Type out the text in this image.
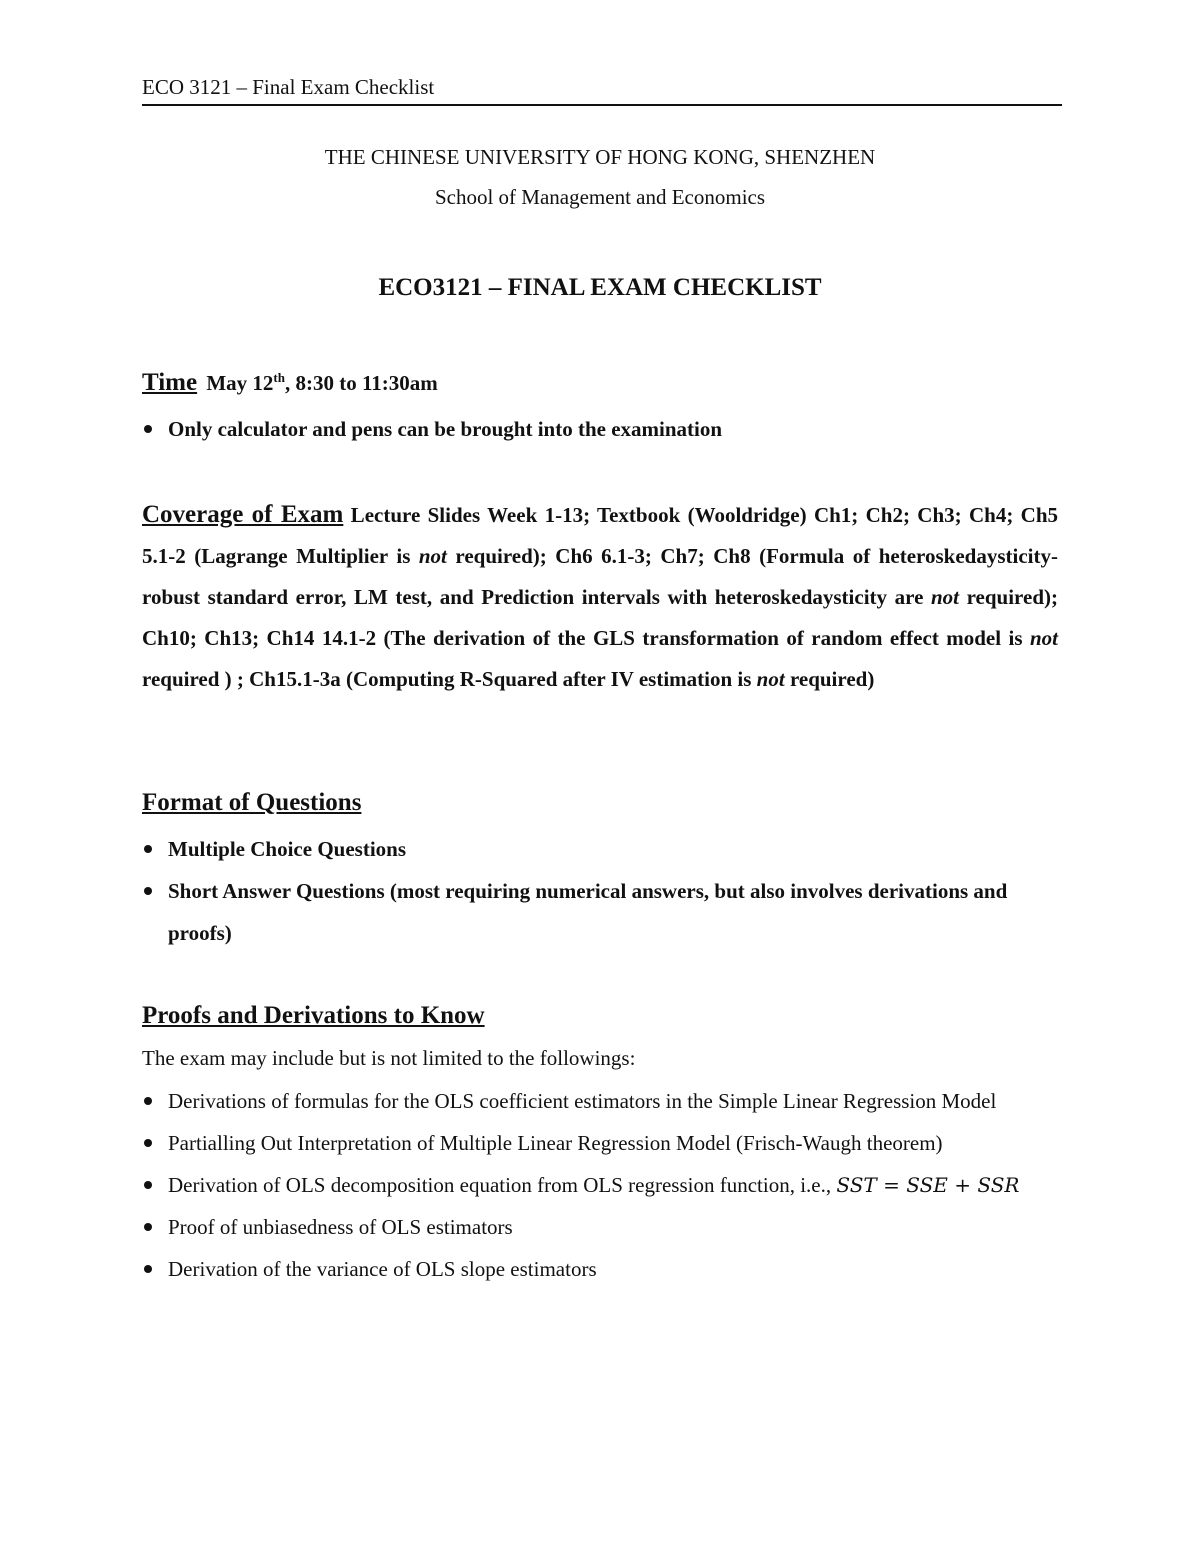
ECO 3121 – Final Exam Checklist
THE CHINESE UNIVERSITY OF HONG KONG, SHENZHEN
School of Management and Economics
ECO3121 – FINAL EXAM CHECKLIST
Time May 12th, 8:30 to 11:30am
Only calculator and pens can be brought into the examination
Coverage of Exam Lecture Slides Week 1-13; Textbook (Wooldridge) Ch1; Ch2; Ch3; Ch4; Ch5 5.1-2 (Lagrange Multiplier is not required); Ch6 6.1-3; Ch7; Ch8 (Formula of heteroskedaysticity-robust standard error, LM test, and Prediction intervals with heteroskedaysticity are not required); Ch10; Ch13; Ch14 14.1-2 (The derivation of the GLS transformation of random effect model is not required ) ; Ch15.1-3a (Computing R-Squared after IV estimation is not required)
Format of Questions
Multiple Choice Questions
Short Answer Questions (most requiring numerical answers, but also involves derivations and proofs)
Proofs and Derivations to Know
The exam may include but is not limited to the followings:
Derivations of formulas for the OLS coefficient estimators in the Simple Linear Regression Model
Partialling Out Interpretation of Multiple Linear Regression Model (Frisch-Waugh theorem)
Derivation of OLS decomposition equation from OLS regression function, i.e., SST = SSE + SSR
Proof of unbiasedness of OLS estimators
Derivation of the variance of OLS slope estimators
